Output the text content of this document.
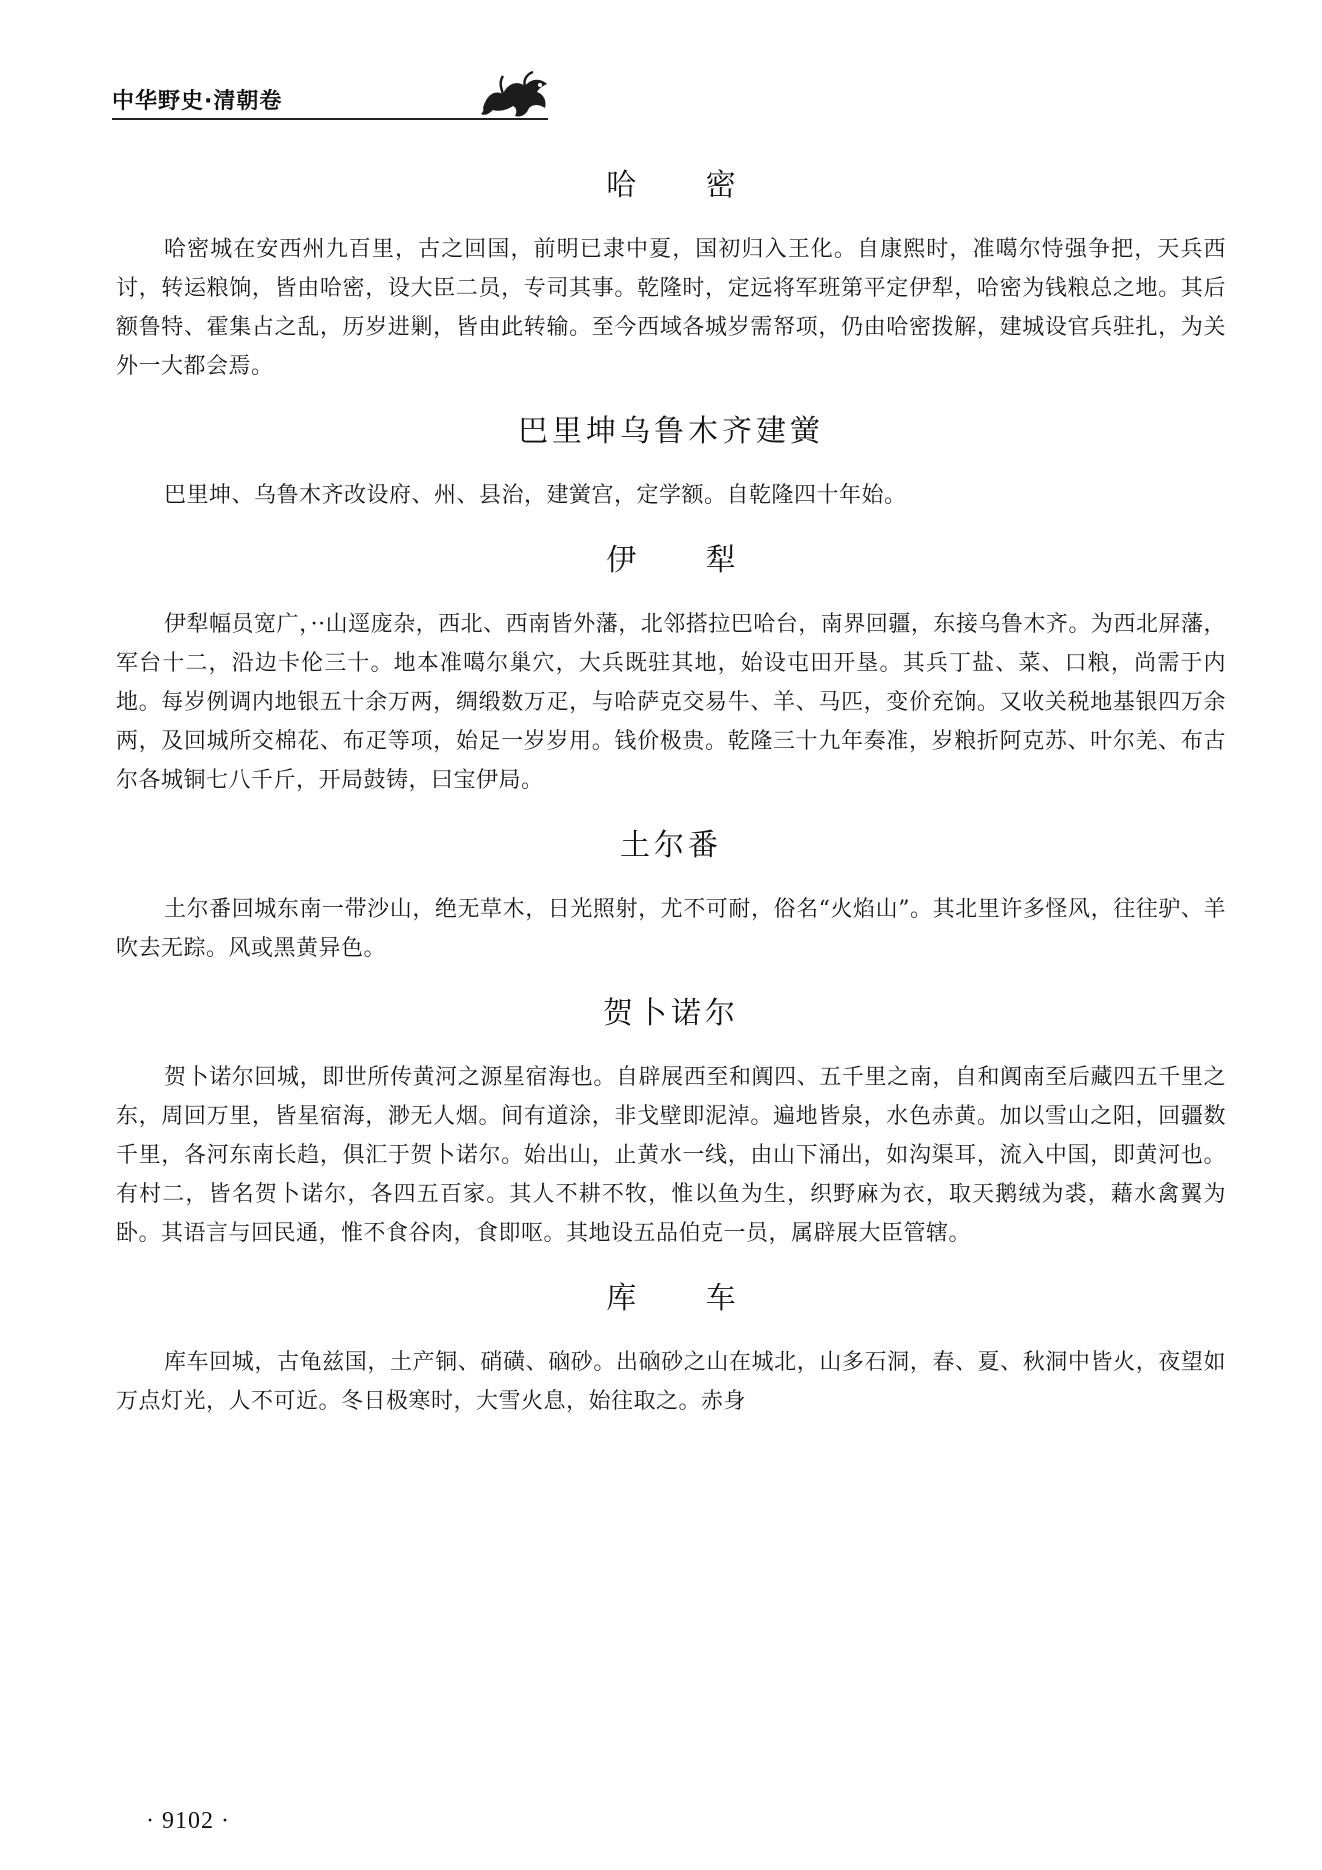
中华野史·清朝卷
哈 密

哈密城在安西州九百里，古之回国，前明已隶中夏，国初归入王化。自康熙时，准噶尔恃强争把，天兵西讨，转运粮饷，皆由哈密，设大臣二员，专司其事。乾隆时，定远将军班第平定伊犁，哈密为钱粮总之地。其后额鲁特、霍集占之乱，历岁进剿，皆由此转输。至今西域各城岁需帑项，仍由哈密拨解，建城设官兵驻扎，为关外一大都会焉。

巴里坤乌鲁木齐建黉

巴里坤、乌鲁木齐改设府、州、县治，建黉宫，定学额。自乾隆四十年始。

伊 犁

伊犁幅员宽广，··山逕庞杂，西北、西南皆外藩，北邻搭拉巴哈台，南界回疆，东接乌鲁木齐。为西北屏藩，军台十二，沿边卡伦三十。地本准噶尔巢穴，大兵既驻其地，始设屯田开垦。其兵丁盐、菜、口粮，尚需于内地。每岁例调内地银五十余万两，绸缎数万疋，与哈萨克交易牛、羊、马匹，变价充饷。又收关税地基银四万余两，及回城所交棉花、布疋等项，始足一岁岁用。钱价极贵。乾隆三十九年奏准，岁粮折阿克苏、叶尔羌、布古尔各城铜七八千斤，开局鼓铸，曰宝伊局。

土尔番

土尔番回城东南一带沙山，绝无草木，日光照射，尤不可耐，俗名“火焰山”。其北里许多怪风，往往驴、羊吹去无踪。风或黑黄异色。

贺卜诺尔

贺卜诺尔回城，即世所传黄河之源星宿海也。自辟展西至和阗四、五千里之南，自和阗南至后藏四五千里之东，周回万里，皆星宿海，渺无人烟。间有道涂，非戈壁即泥淖。遍地皆泉，水色赤黄。加以雪山之阳，回疆数千里，各河东南长趋，俱汇于贺卜诺尔。始出山，止黄水一线，由山下涌出，如沟渠耳，流入中国，即黄河也。有村二，皆名贺卜诺尔，各四五百家。其人不耕不牧，惟以鱼为生，织野麻为衣，取天鹅绒为裘，藉水禽翼为卧。其语言与回民通，惟不食谷肉，食即呕。其地设五品伯克一员，属辟展大臣管辖。

库 车

库车回城，古龟兹国，土产铜、硝磺、硇砂。出硇砂之山在城北，山多石洞，春、夏、秋洞中皆火，夜望如万点灯光，人不可近。冬日极寒时，大雪火息，始往取之。赤身

· 9102 ·
